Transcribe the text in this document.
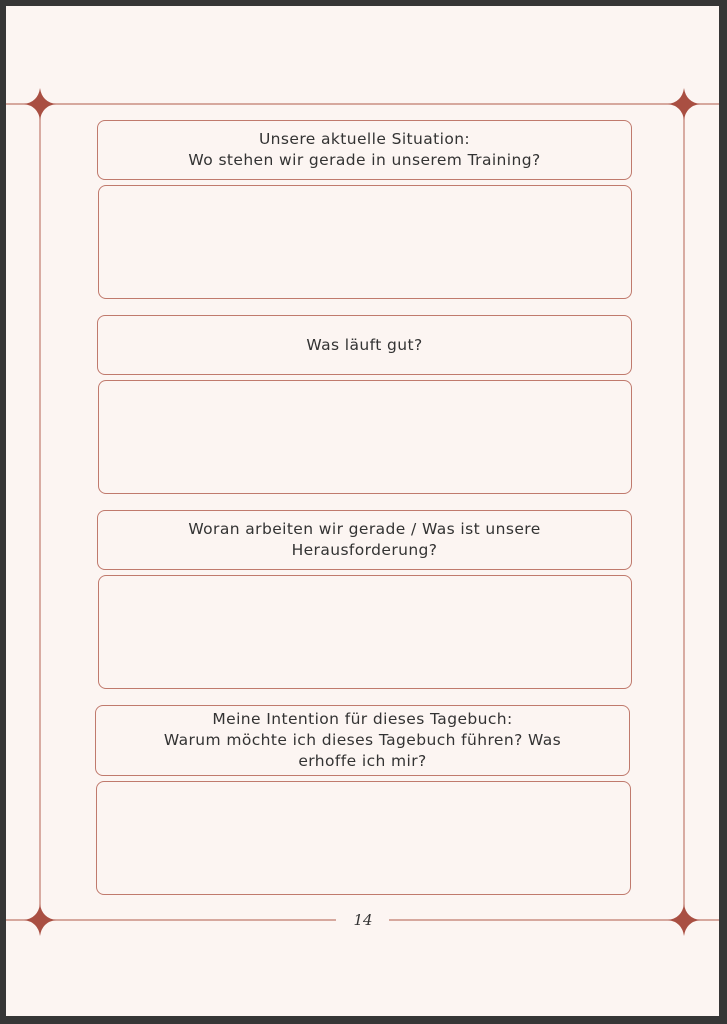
Unsere aktuelle Situation:
Wo stehen wir gerade in unserem Training?
Was läuft gut?
Woran arbeiten wir gerade / Was ist unsere
Herausforderung?
Meine Intention für dieses Tagebuch:
Warum möchte ich dieses Tagebuch führen? Was
erhoffe ich mir?
14
